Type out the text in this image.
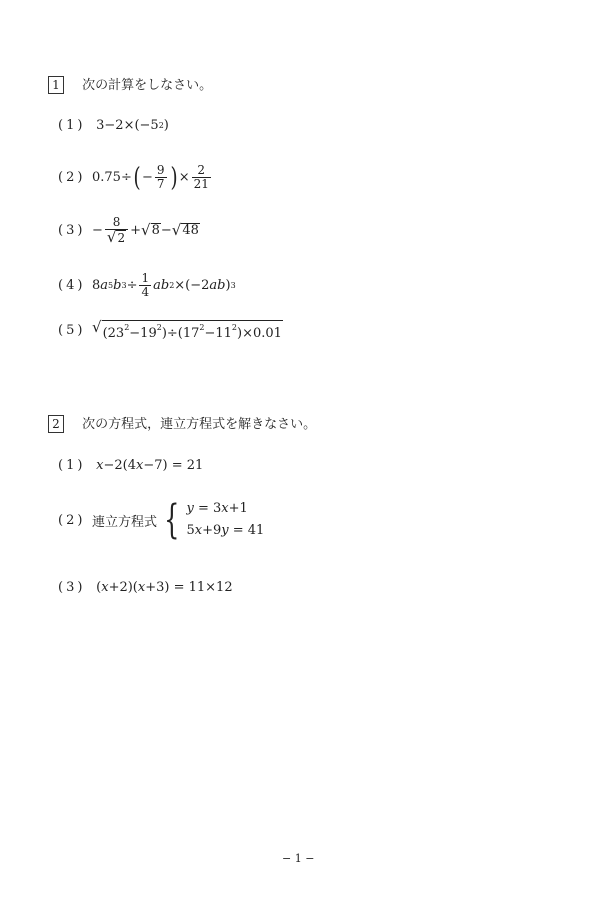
1 次の計算をしなさい。
(1) 3−2×(−5 2 )
(2) 0.75÷ ( − $\frac{9}{7}$ ) × $\frac{2}{21}$
$(3) - \frac{8}{√ 2}$ + √ 8 − √ 48
(4) 8 a 5 b $3 \div \frac{1}{4}$ ab 2 ×(−2 ab ) 3
(5) √ $(23^2-19^2)\div(17^2-11^2)\times 0.01$
2 次の方程式，連立方程式を解きなさい。
(1) x −2(4 x −7) = 21
(2) 連立方程式 { y = 3x+1
5x+9y = 41
(3) ( x +2)( x +3) = 11×12
− 1 −
